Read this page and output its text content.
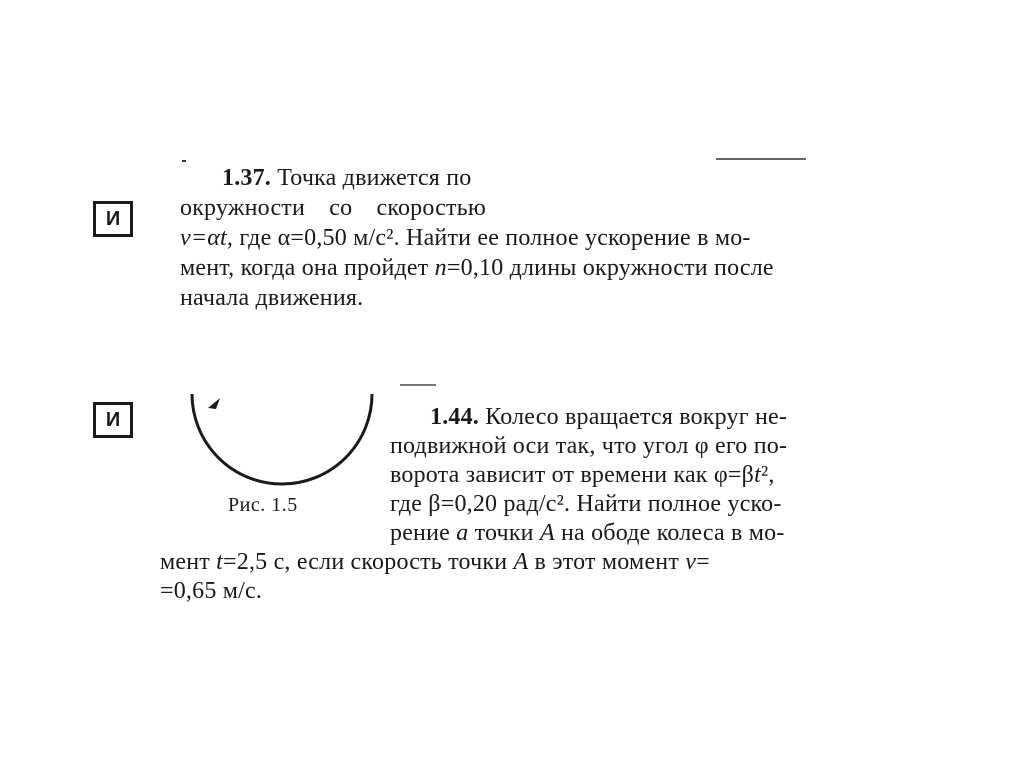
И
И
1.37. Точка движется по
окружности со скоростью
v=αt, где α=0,50 м/с². Найти ее полное ускорение в мо-
мент, когда она пройдет n=0,10 длины окружности после
начала движения.
Рис. 1.5
1.44. Колесо вращается вокруг не-
подвижной оси так, что угол φ его по-
ворота зависит от времени как φ=βt²,
где β=0,20 рад/с². Найти полное уско-
рение a точки A на ободе колеса в мо-
мент t=2,5 с, если скорость точки A в этот момент v=
=0,65 м/с.
